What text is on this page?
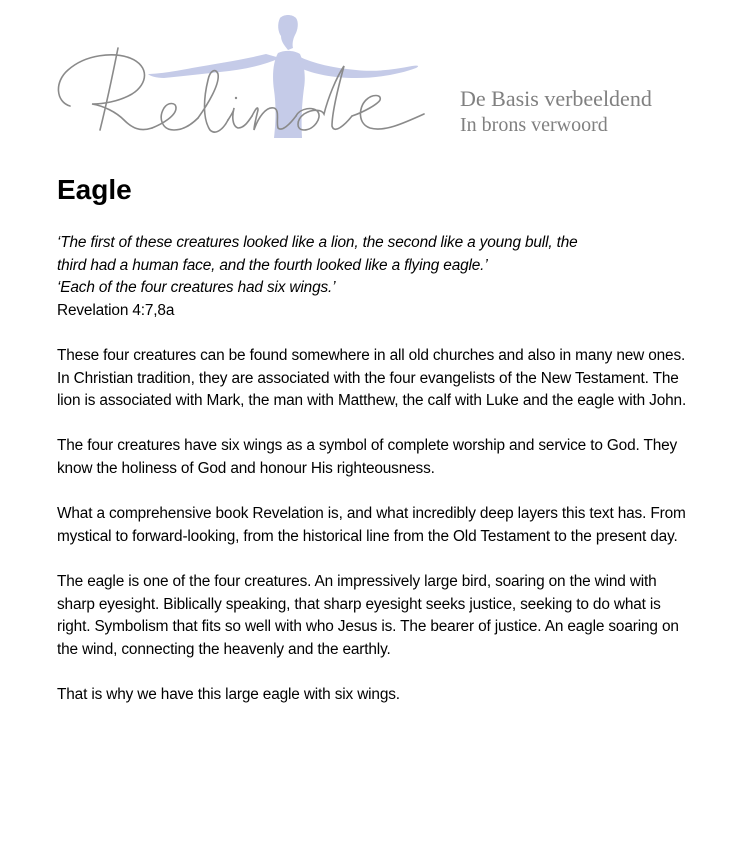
De Basis verbeeldend
In brons verwoord
Eagle
‘The first of these creatures looked like a lion, the second like a young bull, the
third had a human face, and the fourth looked like a flying eagle.’
‘Each of the four creatures had six wings.’
Revelation 4:7,8a

These four creatures can be found somewhere in all old churches and also in many new ones. In Christian tradition, they are associated with the four evangelists of the New Testament. The lion is associated with Mark, the man with Matthew, the calf with Luke and the eagle with John.

The four creatures have six wings as a symbol of complete worship and service to God. They know the holiness of God and honour His righteousness.

What a comprehensive book Revelation is, and what incredibly deep layers this text has. From mystical to forward-looking, from the historical line from the Old Testament to the present day.

The eagle is one of the four creatures. An impressively large bird, soaring on the wind with sharp eyesight. Biblically speaking, that sharp eyesight seeks justice, seeking to do what is right. Symbolism that fits so well with who Jesus is. The bearer of justice. An eagle soaring on the wind, connecting the heavenly and the earthly.

That is why we have this large eagle with six wings.
